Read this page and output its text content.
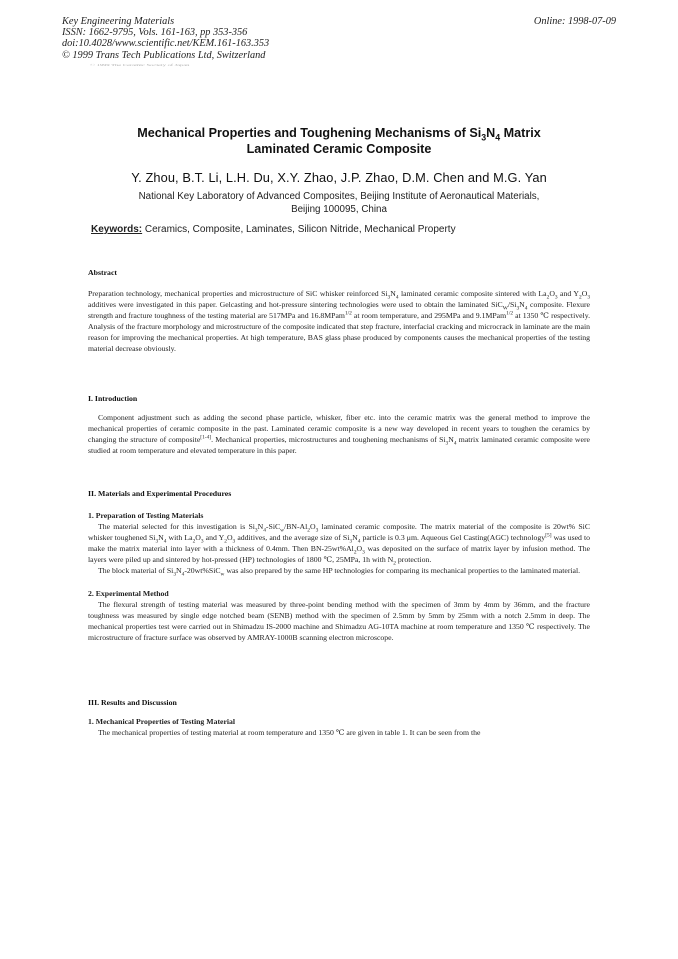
Key Engineering Materials
ISSN: 1662-9795, Vols. 161-163, pp 353-356
doi:10.4028/www.scientific.net/KEM.161-163.353
© 1999 Trans Tech Publications Ltd, Switzerland
Online: 1998-07-09
© 1999 The Ceramic Society of Japan
Mechanical Properties and Toughening Mechanisms of $Si_3N_4$ Matrix
Laminated Ceramic Composite
Y. Zhou, B.T. Li, L.H. Du, X.Y. Zhao, J.P. Zhao, D.M. Chen and M.G. Yan
National Key Laboratory of Advanced Composites, Beijing Institute of Aeronautical Materials,
Beijing 100095, China
Keywords: Ceramics, Composite, Laminates, Silicon Nitride, Mechanical Property
Abstract

Preparation technology, mechanical properties and microstructure of SiC whisker reinforced $Si_3N_4$ laminated ceramic composite sintered with $La_2O_3$ and $Y_2O_3$ additives were investigated in this paper. Gelcasting and hot-pressure sintering technologies were used to obtain the laminated $SiC_W/Si_3N_4$ composite. Flexure strength and fracture toughness of the testing material are 517MPa and 16.8MPam$^{1/2}$ at room temperature, and 295MPa and 9.1MPam$^{1/2}$ at 1350 ℃ respectively. Analysis of the fracture morphology and microstructure of the composite indicated that step fracture, interfacial cracking and microcrack in laminate are the main reason for improving the mechanical properties. At high temperature, BAS glass phase produced by components causes the mechanical properties of the testing material decrease obviously.

I. Introduction

Component adjustment such as adding the second phase particle, whisker, fiber etc. into the ceramic matrix was the general method to improve the mechanical properties of ceramic composite in the past. Laminated ceramic composite is a new way developed in recent years to toughen the ceramics by changing the structure of composite[1-4]. Mechanical properties, microstructures and toughening mechanisms of $Si_3N_4$ matrix laminated ceramic composite were studied at room temperature and elevated temperature in this paper.

II. Materials and Experimental Procedures
1. Preparation of Testing Materials

The material selected for this investigation is $Si_3N_4-SiC_w/BN-Al_2O_3$ laminated ceramic composite. The matrix material of the composite is 20wt% SiC whisker toughened $Si_3N_4$ with $La_2O_3$ and $Y_2O_3$ additives, and the average size of $Si_3N_4$ particle is 0.3 μm. Aqueous Gel Casting(AGC) technology[5] was used to make the matrix material into layer with a thickness of 0.4mm. Then $BN-25wt\%Al_2O_3$ was deposited on the surface of matrix layer by infusion method. The layers were piled up and sintered by hot-pressed (HP) technologies of 1800 ℃, 25MPa, 1h with $N_2$ protection.

The block material of $Si_3N_4-20wt\%SiC_w$ was also prepared by the same HP technologies for comparing its mechanical properties to the laminated material.

2. Experimental Method

The flexural strength of testing material was measured by three-point bending method with the specimen of 3mm by 4mm by 36mm, and the fracture toughness was measured by single edge notched beam (SENB) method with the specimen of 2.5mm by 5mm by 25mm with a notch 2.5mm in deep. The mechanical properties test were carried out in Shimadzu IS-2000 machine and Shimadzu AG-10TA machine at room temperature and 1350 ℃ respectively. The microstructure of fracture surface was observed by AMRAY-1000B scanning electron microscope.

III. Results and Discussion
1. Mechanical Properties of Testing Material

The mechanical properties of testing material at room temperature and 1350 ℃ are given in table 1. It can be seen from the
